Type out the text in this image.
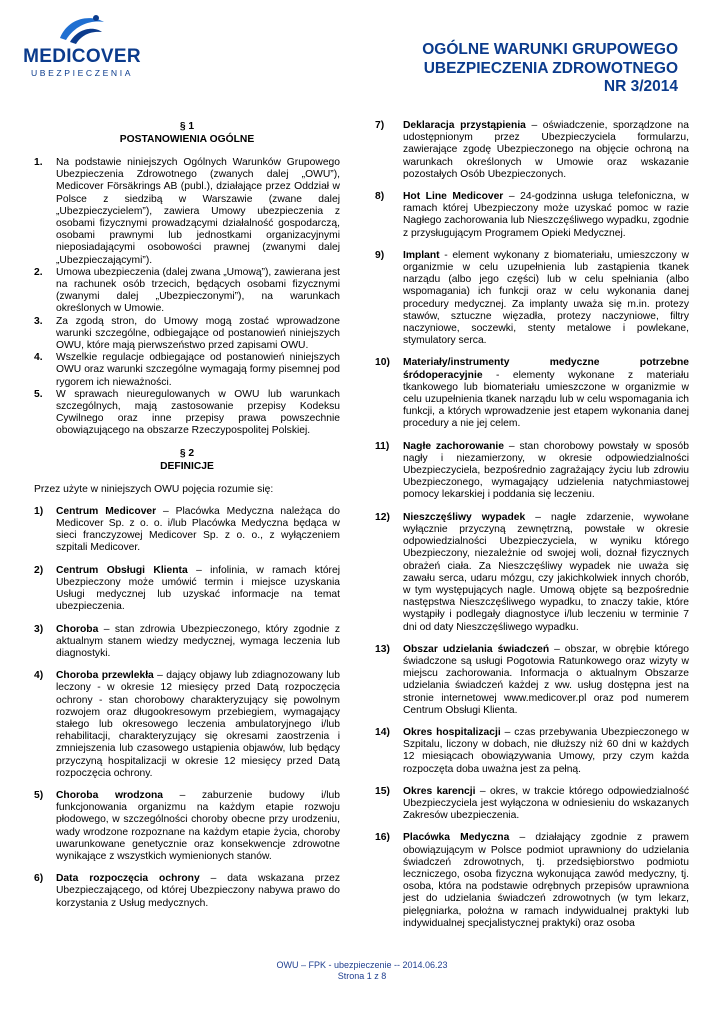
MEDICOVER
UBEZPIECZENIA
OGÓLNE WARUNKI GRUPOWEGO
UBEZPIECZENIA ZDROWOTNEGO
NR 3/2014
§ 1
POSTANOWIENIA OGÓLNE
1. Na podstawie niniejszych Ogólnych Warunków Grupowego Ubezpieczenia Zdrowotnego (zwanych dalej „OWU”), Medicover Försäkrings AB (publ.), działające przez Oddział w Polsce z siedzibą w Warszawie (zwane dalej „Ubezpieczycielem”), zawiera Umowy ubezpieczenia z osobami fizycznymi prowadzącymi działalność gospodarczą, osobami prawnymi lub jednostkami organizacyjnymi nieposiadającymi osobowości prawnej (zwanymi dalej „Ubezpieczającymi”).
2. Umowa ubezpieczenia (dalej zwana „Umową”), zawierana jest na rachunek osób trzecich, będących osobami fizycznymi (zwanymi dalej „Ubezpieczonymi”), na warunkach określonych w Umowie.
3. Za zgodą stron, do Umowy mogą zostać wprowadzone warunki szczególne, odbiegające od postanowień niniejszych OWU, które mają pierwszeństwo przed zapisami OWU.
4. Wszelkie regulacje odbiegające od postanowień niniejszych OWU oraz warunki szczególne wymagają formy pisemnej pod rygorem ich nieważności.
5. W sprawach nieuregulowanych w OWU lub warunkach szczególnych, mają zastosowanie przepisy Kodeksu Cywilnego oraz inne przepisy prawa powszechnie obowiązującego na obszarze Rzeczypospolitej Polskiej.
§ 2
DEFINICJE

Przez użyte w niniejszych OWU pojęcia rozumie się:

1) Centrum Medicover – Placówka Medyczna należąca do Medicover Sp. z o. o. i/lub Placówka Medyczna będąca w sieci franczyzowej Medicover Sp. z o. o., z wyłączeniem szpitali Medicover.
2) Centrum Obsługi Klienta – infolinia, w ramach której Ubezpieczony może umówić termin i miejsce uzyskania Usługi medycznej lub uzyskać informacje na temat ubezpieczenia.
3) Choroba – stan zdrowia Ubezpieczonego, który zgodnie z aktualnym stanem wiedzy medycznej, wymaga leczenia lub diagnostyki.
4) Choroba przewlekła – dający objawy lub zdiagnozowany lub leczony - w okresie 12 miesięcy przed Datą rozpoczęcia ochrony - stan chorobowy charakteryzujący się powolnym rozwojem oraz długookresowym przebiegiem, wymagający stałego lub okresowego leczenia ambulatoryjnego i/lub rehabilitacji, charakteryzujący się okresami zaostrzenia i zmniejszenia lub czasowego ustąpienia objawów, lub będący przyczyną hospitalizacji w okresie 12 miesięcy przed Datą rozpoczęcia ochrony.
5) Choroba wrodzona – zaburzenie budowy i/lub funkcjonowania organizmu na każdym etapie rozwoju płodowego, w szczególności choroby obecne przy urodzeniu, wady wrodzone rozpoznane na każdym etapie życia, choroby uwarunkowane genetycznie oraz konsekwencje zdrowotne wynikające z wszystkich wymienionych stanów.
6) Data rozpoczęcia ochrony – data wskazana przez Ubezpieczającego, od której Ubezpieczony nabywa prawo do korzystania z Usług medycznych.
7) Deklaracja przystąpienia – oświadczenie, sporządzone na udostępnionym przez Ubezpieczyciela formularzu, zawierające zgodę Ubezpieczonego na objęcie ochroną na warunkach określonych w Umowie oraz wskazanie pozostałych Osób Ubezpieczonych.
8) Hot Line Medicover – 24-godzinna usługa telefoniczna, w ramach której Ubezpieczony może uzyskać pomoc w razie Nagłego zachorowania lub Nieszczęśliwego wypadku, zgodnie z przysługującym Programem Opieki Medycznej.
9) Implant - element wykonany z biomateriału, umieszczony w organizmie w celu uzupełnienia lub zastąpienia tkanek narządu (albo jego części) lub w celu spełniania (albo wspomagania) ich funkcji oraz w celu wykonania danej procedury medycznej. Za implanty uważa się m.in. protezy stawów, sztuczne więzadła, protezy naczyniowe, filtry naczyniowe, soczewki, stenty metalowe i powlekane, stymulatory serca.
10) Materiały/instrumenty medyczne potrzebne śródoperacyjnie - elementy wykonane z materiału tkankowego lub biomateriału umieszczone w organizmie w celu uzupełnienia tkanek narządu lub w celu wspomagania ich funkcji, a których wprowadzenie jest etapem wykonania danej procedury a nie jej celem.
11) Nagłe zachorowanie – stan chorobowy powstały w sposób nagły i niezamierzony, w okresie odpowiedzialności Ubezpieczyciela, bezpośrednio zagrażający życiu lub zdrowiu Ubezpieczonego, wymagający udzielenia natychmiastowej pomocy lekarskiej i poddania się leczeniu.
12) Nieszczęśliwy wypadek – nagłe zdarzenie, wywołane wyłącznie przyczyną zewnętrzną, powstałe w okresie odpowiedzialności Ubezpieczyciela, w wyniku którego Ubezpieczony, niezależnie od swojej woli, doznał fizycznych obrażeń ciała. Za Nieszczęśliwy wypadek nie uważa się zawału serca, udaru mózgu, czy jakichkolwiek innych chorób, w tym występujących nagle. Umową objęte są bezpośrednie następstwa Nieszczęśliwego wypadku, to znaczy takie, które wystąpiły i podlegały diagnostyce i/lub leczeniu w terminie 7 dni od daty Nieszczęśliwego wypadku.
13) Obszar udzielania świadczeń – obszar, w obrębie którego świadczone są usługi Pogotowia Ratunkowego oraz wizyty w miejscu zachorowania. Informacja o aktualnym Obszarze udzielania świadczeń każdej z ww. usług dostępna jest na stronie internetowej www.medicover.pl oraz pod numerem Centrum Obsługi Klienta.
14) Okres hospitalizacji – czas przebywania Ubezpieczonego w Szpitalu, liczony w dobach, nie dłuższy niż 60 dni w każdych 12 miesiącach obowiązywania Umowy, przy czym każda rozpoczęta doba uważna jest za pełną.
15) Okres karencji – okres, w trakcie którego odpowiedzialność Ubezpieczyciela jest wyłączona w odniesieniu do wskazanych Zakresów ubezpieczenia.
16) Placówka Medyczna – działający zgodnie z prawem obowiązującym w Polsce podmiot uprawniony do udzielania świadczeń zdrowotnych, tj. przedsiębiorstwo podmiotu leczniczego, osoba fizyczna wykonująca zawód medyczny, tj. osoba, która na podstawie odrębnych przepisów uprawniona jest do udzielania świadczeń zdrowotnych (w tym lekarz, pielęgniarka, położna w ramach indywidualnej praktyki lub indywidualnej specjalistycznej praktyki) oraz osoba
OWU – FPK - ubezpieczenie -- 2014.06.23
Strona 1 z 8
